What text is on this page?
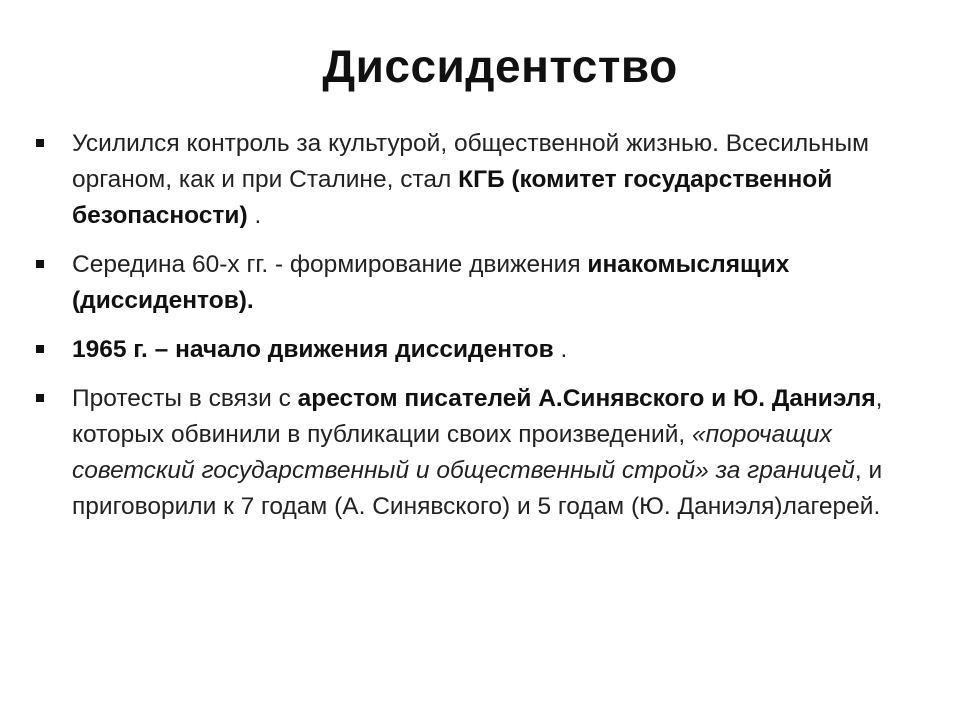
Диссидентство
Усилился контроль за культурой, общественной жизнью. Всесильным органом, как и при Сталине, стал КГБ (комитет государственной безопасности) .
Середина 60-х гг. - формирование движения инакомыслящих (диссидентов).
1965 г. – начало движения диссидентов .
Протесты в связи с арестом писателей А.Синявского и Ю. Даниэля, которых обвинили в публикации своих произведений, «порочащих советский государственный и общественный строй» за границей, и приговорили к 7 годам (А. Синявского) и 5 годам (Ю. Даниэля)лагерей.
